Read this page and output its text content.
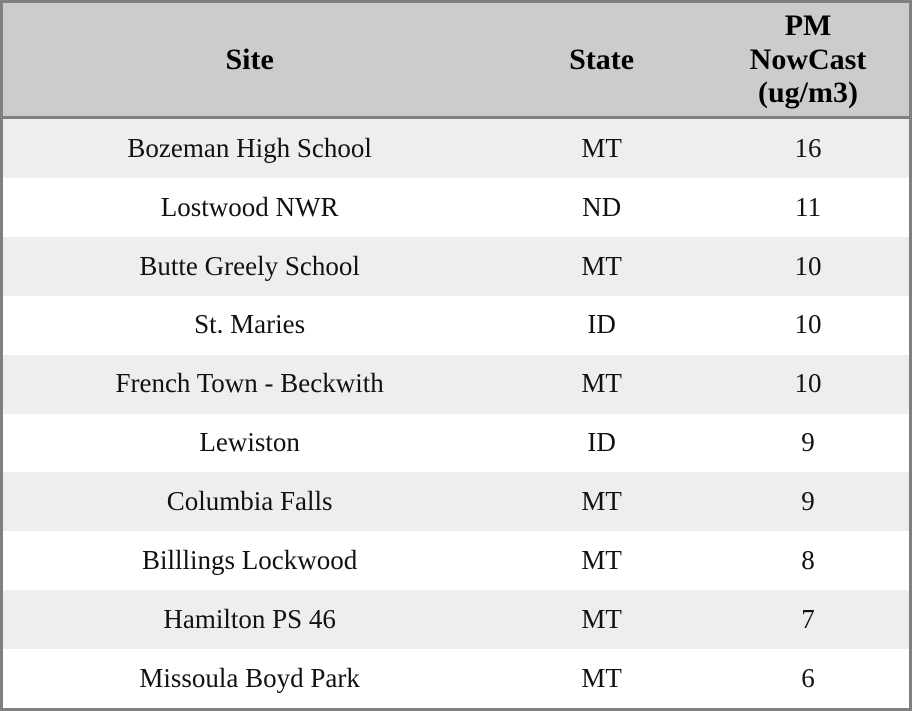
Site	State	PM
NowCast
(ug/m3)

Bozeman High School	MT	16
Lostwood NWR	ND	11
Butte Greely School	MT	10
St. Maries	ID	10
French Town - Beckwith	MT	10
Lewiston	ID	9
Columbia Falls	MT	9
Billlings Lockwood	MT	8
Hamilton PS 46	MT	7
Missoula Boyd Park	MT	6
